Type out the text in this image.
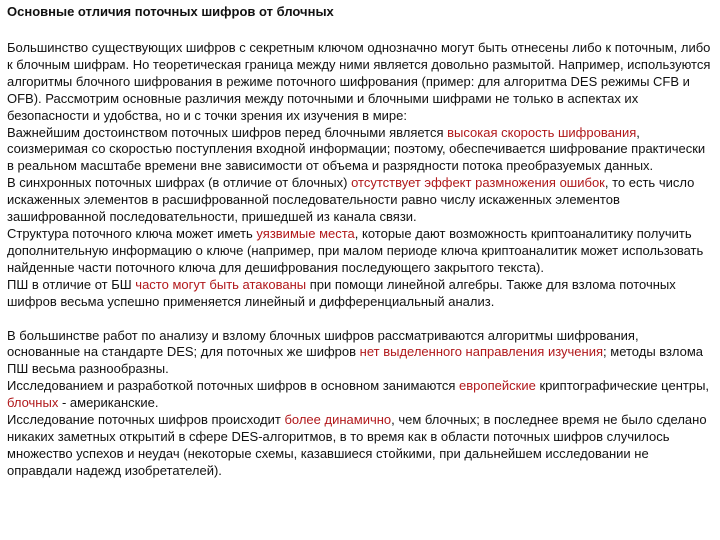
Основные отличия поточных шифров от блочных

Большинство существующих шифров с секретным ключом однозначно могут быть отнесены либо к поточным, либо к блочным шифрам. Но теоретическая граница между ними является довольно размытой. Например, используются алгоритмы блочного шифрования в режиме поточного шифрования (пример: для алгоритма DES режимы CFB и OFB). Рассмотрим основные различия между поточными и блочными шифрами не только в аспектах их безопасности и удобства, но и с точки зрения их изучения в мире:

Важнейшим достоинством поточных шифров перед блочными является высокая скорость шифрования, соизмеримая со скоростью поступления входной информации; поэтому, обеспечивается шифрование практически в реальном масштабе времени вне зависимости от объема и разрядности потока преобразуемых данных.

В синхронных поточных шифрах (в отличие от блочных) отсутствует эффект размножения ошибок, то есть число искаженных элементов в расшифрованной последовательности равно числу искаженных элементов зашифрованной последовательности, пришедшей из канала связи.

Структура поточного ключа может иметь уязвимые места, которые дают возможность криптоаналитику получить дополнительную информацию о ключе (например, при малом периоде ключа криптоаналитик может использовать найденные части поточного ключа для дешифрования последующего закрытого текста).

ПШ в отличие от БШ часто могут быть атакованы при помощи линейной алгебры. Также для взлома поточных шифров весьма успешно применяется линейный и дифференциальный анализ.

В большинстве работ по анализу и взлому блочных шифров рассматриваются алгоритмы шифрования, основанные на стандарте DES; для поточных же шифров нет выделенного направления изучения; методы взлома ПШ весьма разнообразны.

Исследованием и разработкой поточных шифров в основном занимаются европейские криптографические центры, блочных - американские.

Исследование поточных шифров происходит более динамично, чем блочных; в последнее время не было сделано никаких заметных открытий в сфере DES-алгоритмов, в то время как в области поточных шифров случилось множество успехов и неудач (некоторые схемы, казавшиеся стойкими, при дальнейшем исследовании не оправдали надежд изобретателей).
